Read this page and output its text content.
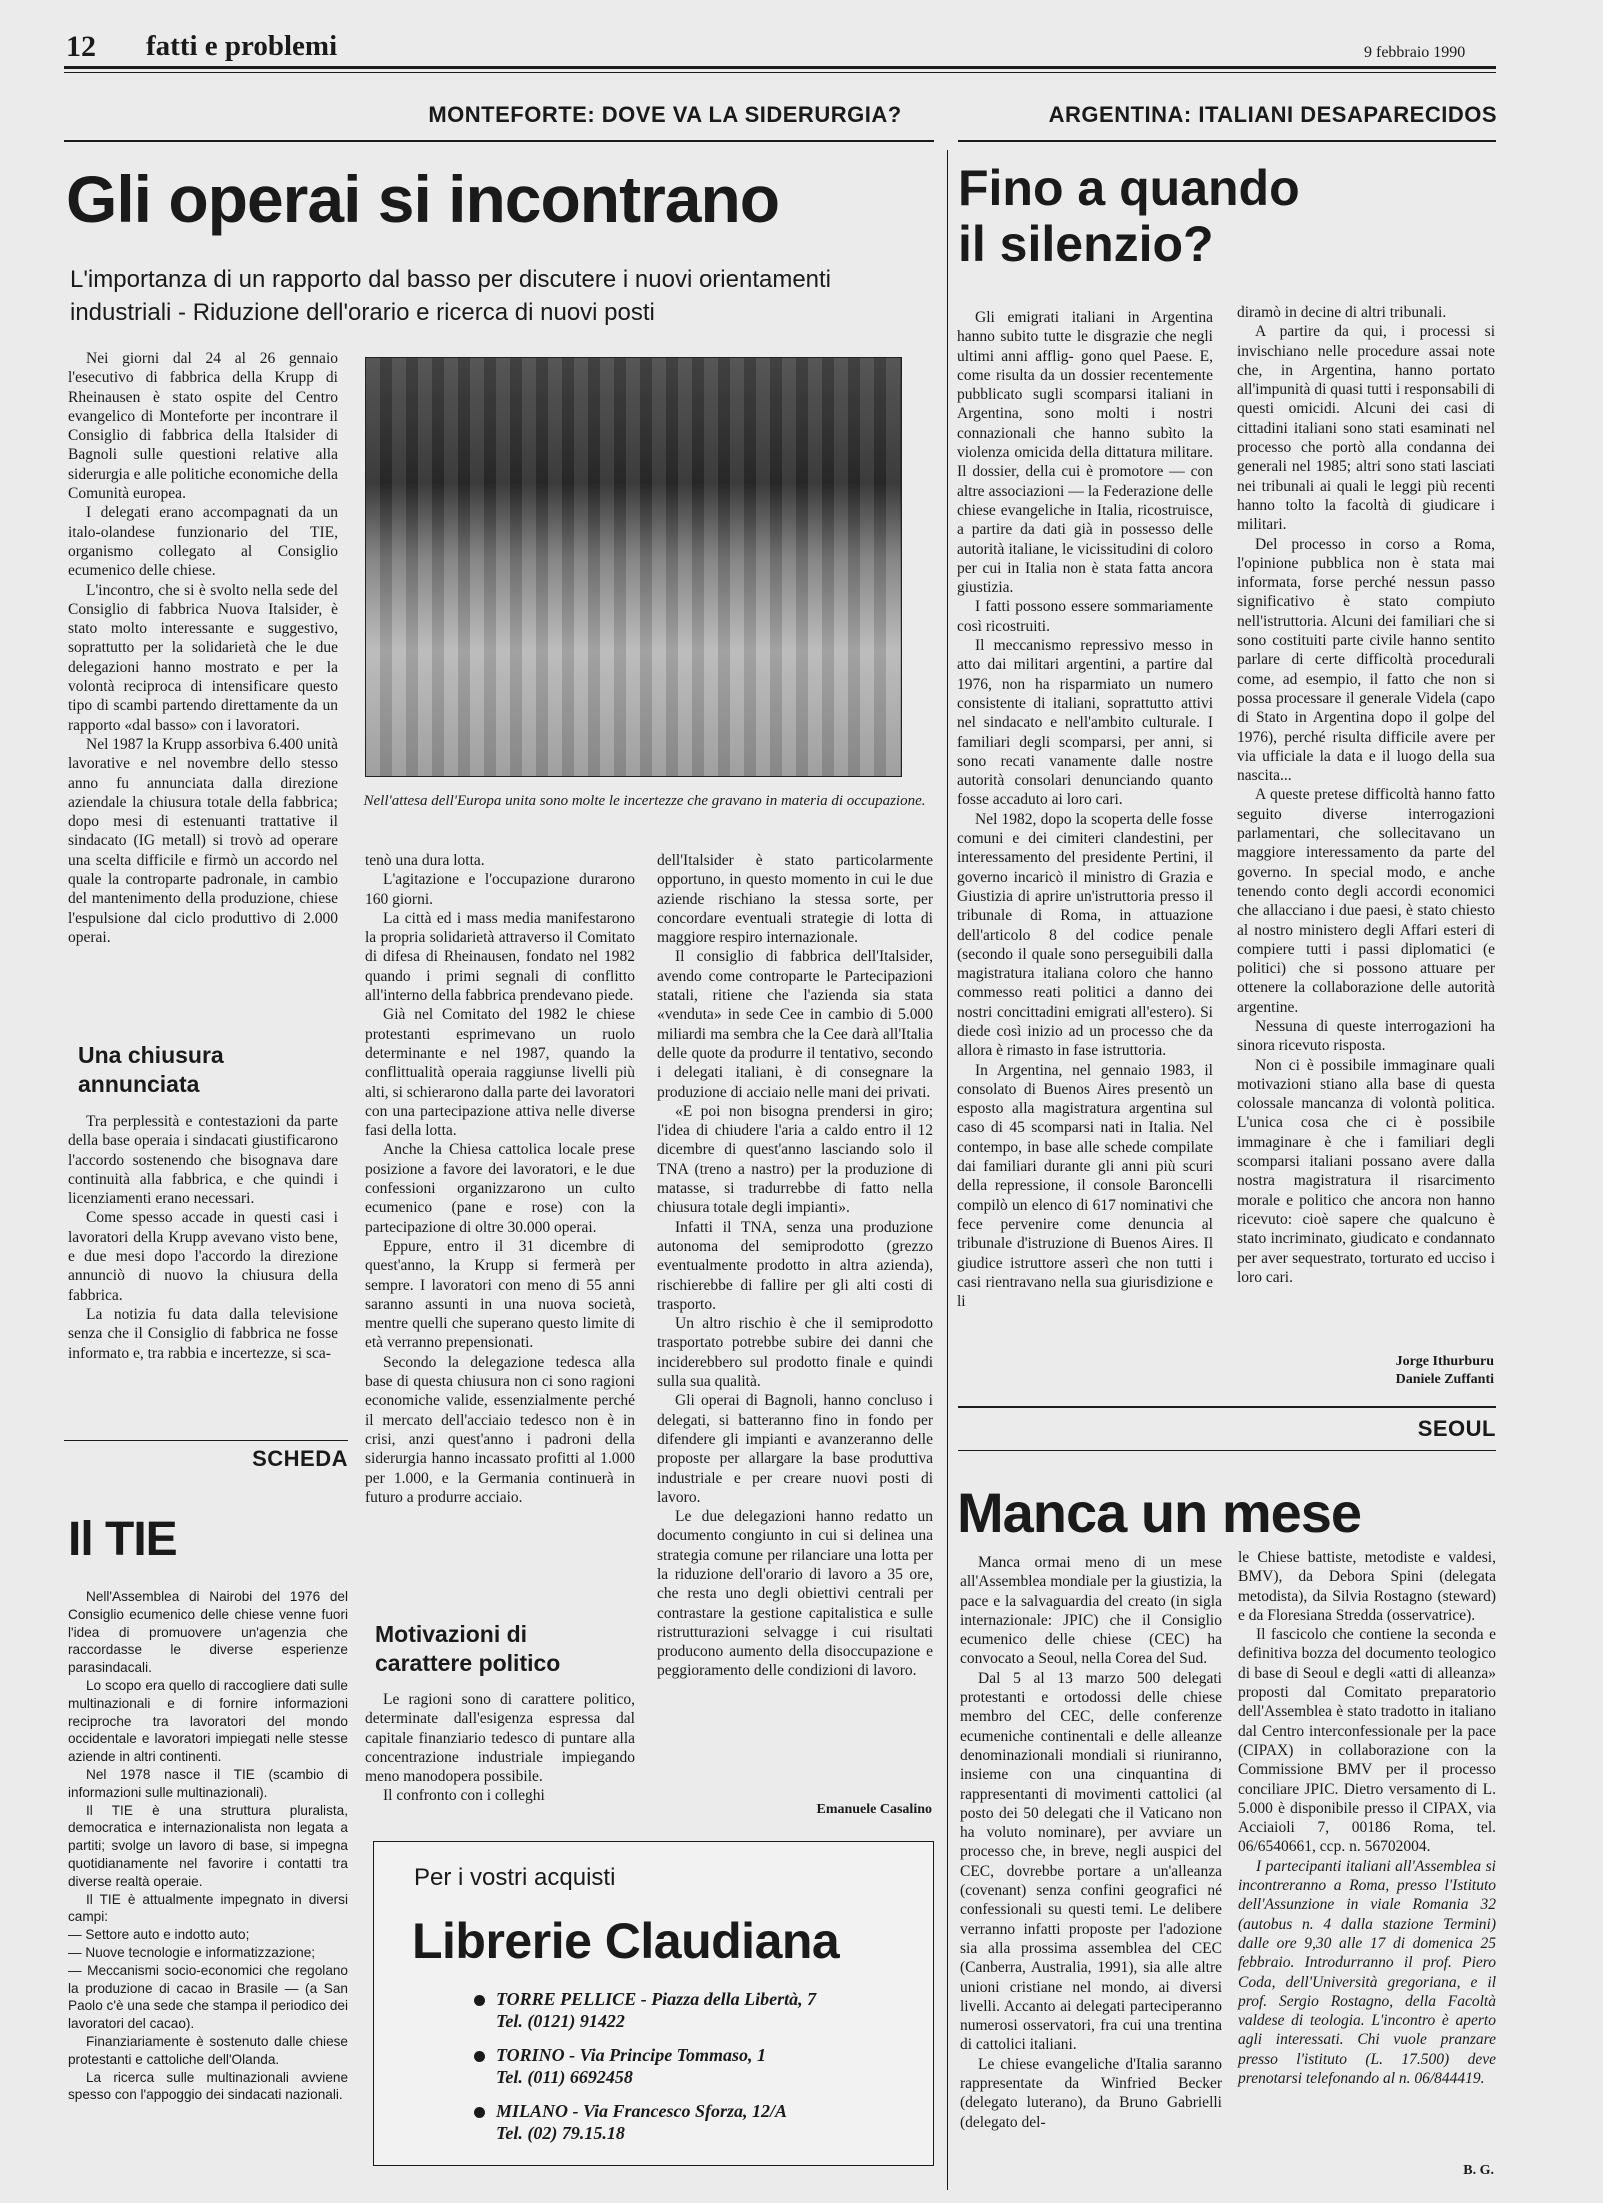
12 fatti e problemi	9 febbraio 1990
MONTEFORTE: DOVE VA LA SIDERURGIA?
Gli operai si incontrano
L'importanza di un rapporto dal basso per discutere i nuovi orientamenti industriali - Riduzione dell'orario e ricerca di nuovi posti

Nei giorni dal 24 al 26 gennaio l'esecutivo di fabbrica della Krupp di Rheinausen è stato ospite del Centro evangelico di Monteforte per incontrare il Consiglio di fabbrica della Italsider di Bagnoli sulle questioni relative alla siderurgia e alle politiche economiche della Comunità europea.

I delegati erano accompagnati da un italo-olandese funzionario del TIE, organismo collegato al Consiglio ecumenico delle chiese.

L'incontro, che si è svolto nella sede del Consiglio di fabbrica Nuova Italsider, è stato molto interessante e suggestivo, soprattutto per la solidarietà che le due delegazioni hanno mostrato e per la volontà reciproca di intensificare questo tipo di scambi partendo direttamente da un rapporto «dal basso» con i lavoratori.

Nel 1987 la Krupp assorbiva 6.400 unità lavorative e nel novembre dello stesso anno fu annunciata dalla direzione aziendale la chiusura totale della fabbrica; dopo mesi di estenuanti trattative il sindacato (IG metall) si trovò ad operare una scelta difficile e firmò un accordo nel quale la controparte padronale, in cambio del mantenimento della produzione, chiese l'espulsione dal ciclo produttivo di 2.000 operai.

Una chiusura annunciata

Tra perplessità e contestazioni da parte della base operaia i sindacati giustificarono l'accordo sostenendo che bisognava dare continuità alla fabbrica, e che quindi i licenziamenti erano necessari.

Come spesso accade in questi casi i lavoratori della Krupp avevano visto bene, e due mesi dopo l'accordo la direzione annunciò di nuovo la chiusura della fabbrica.

La notizia fu data dalla televisione senza che il Consiglio di fabbrica ne fosse informato e, tra rabbia e incertezze, si sca-

Nell'attesa dell'Europa unita sono molte le incertezze che gravano in materia di occupazione.

tenò una dura lotta.

L'agitazione e l'occupazione durarono 160 giorni.

La città ed i mass media manifestarono la propria solidarietà attraverso il Comitato di difesa di Rheinausen, fondato nel 1982 quando i primi segnali di conflitto all'interno della fabbrica prendevano piede.

Già nel Comitato del 1982 le chiese protestanti esprimevano un ruolo determinante e nel 1987, quando la conflittualità operaia raggiunse livelli più alti, si schierarono dalla parte dei lavoratori con una partecipazione attiva nelle diverse fasi della lotta.

Anche la Chiesa cattolica locale prese posizione a favore dei lavoratori, e le due confessioni organizzarono un culto ecumenico (pane e rose) con la partecipazione di oltre 30.000 operai.

Eppure, entro il 31 dicembre di quest'anno, la Krupp si fermerà per sempre. I lavoratori con meno di 55 anni saranno assunti in una nuova società, mentre quelli che superano questo limite di età verranno prepensionati.

Secondo la delegazione tedesca alla base di questa chiusura non ci sono ragioni economiche valide, essenzialmente perché il mercato dell'acciaio tedesco non è in crisi, anzi quest'anno i padroni della siderurgia hanno incassato profitti al 1.000 per 1.000, e la Germania continuerà in futuro a produrre acciaio.

Motivazioni di carattere politico

Le ragioni sono di carattere politico, determinate dall'esigenza espressa dal capitale finanziario tedesco di puntare alla concentrazione industriale impiegando meno manodopera possibile.

Il confronto con i colleghi

dell'Italsider è stato particolarmente opportuno, in questo momento in cui le due aziende rischiano la stessa sorte, per concordare eventuali strategie di lotta di maggiore respiro internazionale.

Il consiglio di fabbrica dell'Italsider, avendo come controparte le Partecipazioni statali, ritiene che l'azienda sia stata «venduta» in sede Cee in cambio di 5.000 miliardi ma sembra che la Cee darà all'Italia delle quote da produrre il tentativo, secondo i delegati italiani, è di consegnare la produzione di acciaio nelle mani dei privati.

«E poi non bisogna prendersi in giro; l'idea di chiudere l'aria a caldo entro il 12 dicembre di quest'anno lasciando solo il TNA (treno a nastro) per la produzione di matasse, si tradurrebbe di fatto nella chiusura totale degli impianti».

Infatti il TNA, senza una produzione autonoma del semiprodotto (grezzo eventualmente prodotto in altra azienda), rischierebbe di fallire per gli alti costi di trasporto.

Un altro rischio è che il semiprodotto trasportato potrebbe subire dei danni che inciderebbero sul prodotto finale e quindi sulla sua qualità.

Gli operai di Bagnoli, hanno concluso i delegati, si batteranno fino in fondo per difendere gli impianti e avanzeranno delle proposte per allargare la base produttiva industriale e per creare nuovi posti di lavoro.

Le due delegazioni hanno redatto un documento congiunto in cui si delinea una strategia comune per rilanciare una lotta per la riduzione dell'orario di lavoro a 35 ore, che resta uno degli obiettivi centrali per contrastare la gestione capitalistica e sulle ristrutturazioni selvagge i cui risultati producono aumento della disoccupazione e peggioramento delle condizioni di lavoro.

Emanuele Casalino
SCHEDA
Il TIE

Nell'Assemblea di Nairobi del 1976 del Consiglio ecumenico delle chiese venne fuori l'idea di promuovere un'agenzia che raccordasse le diverse esperienze parasindacali.

Lo scopo era quello di raccogliere dati sulle multinazionali e di fornire informazioni reciproche tra lavoratori del mondo occidentale e lavoratori impiegati nelle stesse aziende in altri continenti.

Nel 1978 nasce il TIE (scambio di informazioni sulle multinazionali).

Il TIE è una struttura pluralista, democratica e internazionalista non legata a partiti; svolge un lavoro di base, si impegna quotidianamente nel favorire i contatti tra diverse realtà operaie.

Il TIE è attualmente impegnato in diversi campi:

— Settore auto e indotto auto;

— Nuove tecnologie e informatizzazione;

— Meccanismi socio-economici che regolano la produzione di cacao in Brasile — (a San Paolo c'è una sede che stampa il periodico dei lavoratori del cacao).

Finanziariamente è sostenuto dalle chiese protestanti e cattoliche dell'Olanda.

La ricerca sulle multinazionali avviene spesso con l'appoggio dei sindacati nazionali.

Per i vostri acquisti
Librerie Claudiana
TORRE PELLICE - Piazza della Libertà, 7
Tel. (0121) 91422
TORINO - Via Principe Tommaso, 1
Tel. (011) 6692458
MILANO - Via Francesco Sforza, 12/A
Tel. (02) 79.15.18
ARGENTINA: ITALIANI DESAPARECIDOS
Fino a quando il silenzio?

Gli emigrati italiani in Argentina hanno subito tutte le disgrazie che negli ultimi anni afflig- gono quel Paese. E, come risulta da un dossier recentemente pubblicato sugli scomparsi italiani in Argentina, sono molti i nostri connazionali che hanno subìto la violenza omicida della dittatura militare. Il dossier, della cui è promotore — con altre associazioni — la Federazione delle chiese evangeliche in Italia, ricostruisce, a partire da dati già in possesso delle autorità italiane, le vicissitudini di coloro per cui in Italia non è stata fatta ancora giustizia.

I fatti possono essere sommariamente così ricostruiti.

Il meccanismo repressivo messo in atto dai militari argentini, a partire dal 1976, non ha risparmiato un numero consistente di italiani, soprattutto attivi nel sindacato e nell'ambito culturale. I familiari degli scomparsi, per anni, si sono recati vanamente dalle nostre autorità consolari denunciando quanto fosse accaduto ai loro cari.

Nel 1982, dopo la scoperta delle fosse comuni e dei cimiteri clandestini, per interessamento del presidente Pertini, il governo incaricò il ministro di Grazia e Giustizia di aprire un'istruttoria presso il tribunale di Roma, in attuazione dell'articolo 8 del codice penale (secondo il quale sono perseguibili dalla magistratura italiana coloro che hanno commesso reati politici a danno dei nostri concittadini emigrati all'estero). Si diede così inizio ad un processo che da allora è rimasto in fase istruttoria.

In Argentina, nel gennaio 1983, il consolato di Buenos Aires presentò un esposto alla magistratura argentina sul caso di 45 scomparsi nati in Italia. Nel contempo, in base alle schede compilate dai familiari durante gli anni più scuri della repressione, il console Baroncelli compilò un elenco di 617 nominativi che fece pervenire come denuncia al tribunale d'istruzione di Buenos Aires. Il giudice istruttore asserì che non tutti i casi rientravano nella sua giurisdizione e li

diramò in decine di altri tribunali.

A partire da qui, i processi si invischiano nelle procedure assai note che, in Argentina, hanno portato all'impunità di quasi tutti i responsabili di questi omicidi. Alcuni dei casi di cittadini italiani sono stati esaminati nel processo che portò alla condanna dei generali nel 1985; altri sono stati lasciati nei tribunali ai quali le leggi più recenti hanno tolto la facoltà di giudicare i militari.

Del processo in corso a Roma, l'opinione pubblica non è stata mai informata, forse perché nessun passo significativo è stato compiuto nell'istruttoria. Alcuni dei familiari che si sono costituiti parte civile hanno sentito parlare di certe difficoltà procedurali come, ad esempio, il fatto che non si possa processare il generale Videla (capo di Stato in Argentina dopo il golpe del 1976), perché risulta difficile avere per via ufficiale la data e il luogo della sua nascita...

A queste pretese difficoltà hanno fatto seguito diverse interrogazioni parlamentari, che sollecitavano un maggiore interessamento da parte del governo. In special modo, e anche tenendo conto degli accordi economici che allacciano i due paesi, è stato chiesto al nostro ministero degli Affari esteri di compiere tutti i passi diplomatici (e politici) che si possono attuare per ottenere la collaborazione delle autorità argentine.

Nessuna di queste interrogazioni ha sinora ricevuto risposta.

Non ci è possibile immaginare quali motivazioni stiano alla base di questa colossale mancanza di volontà politica. L'unica cosa che ci è possibile immaginare è che i familiari degli scomparsi italiani possano avere dalla nostra magistratura il risarcimento morale e politico che ancora non hanno ricevuto: cioè sapere che qualcuno è stato incriminato, giudicato e condannato per aver sequestrato, torturato ed ucciso i loro cari.

Jorge Ithurburu
Daniele Zuffanti
SEOUL
Manca un mese

Manca ormai meno di un mese all'Assemblea mondiale per la giustizia, la pace e la salvaguardia del creato (in sigla internazionale: JPIC) che il Consiglio ecumenico delle chiese (CEC) ha convocato a Seoul, nella Corea del Sud.

Dal 5 al 13 marzo 500 delegati protestanti e ortodossi delle chiese membro del CEC, delle conferenze ecumeniche continentali e delle alleanze denominazionali mondiali si riuniranno, insieme con una cinquantina di rappresentanti di movimenti cattolici (al posto dei 50 delegati che il Vaticano non ha voluto nominare), per avviare un processo che, in breve, negli auspici del CEC, dovrebbe portare a un'alleanza (covenant) senza confini geografici né confessionali su questi temi. Le delibere verranno infatti proposte per l'adozione sia alla prossima assemblea del CEC (Canberra, Australia, 1991), sia alle altre unioni cristiane nel mondo, ai diversi livelli. Accanto ai delegati parteciperanno numerosi osservatori, fra cui una trentina di cattolici italiani.

Le chiese evangeliche d'Italia saranno rappresentate da Winfried Becker (delegato luterano), da Bruno Gabrielli (delegato del-

le Chiese battiste, metodiste e valdesi, BMV), da Debora Spini (delegata metodista), da Silvia Rostagno (steward) e da Floresiana Stredda (osservatrice).

Il fascicolo che contiene la seconda e definitiva bozza del documento teologico di base di Seoul e degli «atti di alleanza» proposti dal Comitato preparatorio dell'Assemblea è stato tradotto in italiano dal Centro interconfessionale per la pace (CIPAX) in collaborazione con la Commissione BMV per il processo conciliare JPIC. Dietro versamento di L. 5.000 è disponibile presso il CIPAX, via Acciaioli 7, 00186 Roma, tel. 06/6540661, ccp. n. 56702004.

I partecipanti italiani all'Assemblea si incontreranno a Roma, presso l'Istituto dell'Assunzione in viale Romania 32 (autobus n. 4 dalla stazione Termini) dalle ore 9,30 alle 17 di domenica 25 febbraio. Introdurranno il prof. Piero Coda, dell'Università gregoriana, e il prof. Sergio Rostagno, della Facoltà valdese di teologia. L'incontro è aperto agli interessati. Chi vuole pranzare presso l'istituto (L. 17.500) deve prenotarsi telefonando al n. 06/844419.

B. G.
